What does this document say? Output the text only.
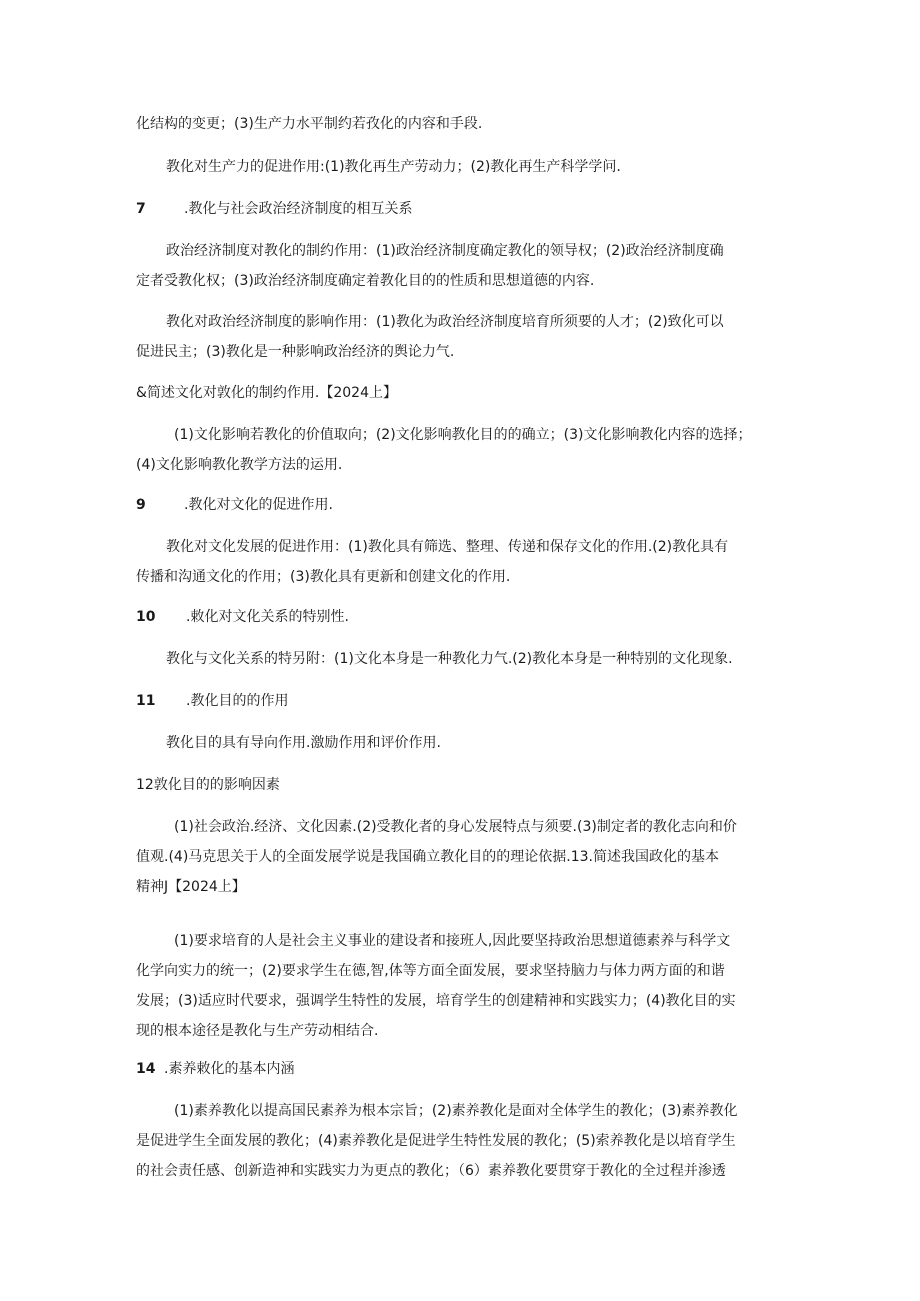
化结构的变更；(3)生产力水平制约若孜化的内容和手段.

教化对生产力的促进作用:(1)教化再生产劳动力；(2)教化再生产科学学问.

7	.教化与社会政治经济制度的相互关系

政治经济制度对教化的制约作用：(1)政治经济制度确定教化的领导权；(2)政治经济制度确
定者受教化权；(3)政治经济制度确定着教化目的的性质和思想道德的内容.

教化对政治经济制度的影响作用：(1)教化为政治经济制度培育所须要的人才；(2)致化可以
促进民主；(3)教化是一种影响政治经济的舆论力气.

&简述文化对敦化的制约作用.【2024上】

(1)文化影响若教化的价值取向；(2)文化影响教化目的的确立；(3)文化影响教化内容的选择；
(4)文化影响教化教学方法的运用.

9	.教化对文化的促进作用.

教化对文化发展的促进作用：(1)教化具有筛选、整理、传递和保存文化的作用.(2)教化具有
传播和沟通文化的作用；(3)教化具有更新和创建文化的作用.

10 .敕化对文化关系的特别性.

教化与文化关系的特另附：(1)文化本身是一种教化力气.(2)教化本身是一种特别的文化现象.

11 .教化目的的作用

教化目的具有导向作用.激励作用和评价作用.

12敦化目的的影响因素

(1)社会政治.经济、文化因素.(2)受教化者的身心发展特点与须要.(3)制定者的教化志向和价
值观.(4)马克思关于人的全面发展学说是我国确立教化目的的理论依据.13.简述我国政化的基本
精神J【2024上】

(1)要求培育的人是社会主义事业的建设者和接班人,因此要坚持政治思想道德素养与科学文
化学向实力的统一；(2)要求学生在德,智,体等方面全面发展，要求坚持脑力与体力两方面的和谐
发展；(3)适应时代要求，强调学生特性的发展，培育学生的创建精神和实践实力；(4)教化目的实
现的根本途径是教化与生产劳动相结合.

14 .素养敕化的基本内涵

(1)素养教化以提高国民素养为根本宗旨；(2)素养教化是面对全体学生的教化；(3)素养教化
是促进学生全面发展的教化；(4)素养教化是促进学生特性发展的教化；(5)索养教化是以培育学生
的社会责任感、创新造神和实践实力为更点的教化；（6）素养教化要贯穿于教化的全过程并渗透
